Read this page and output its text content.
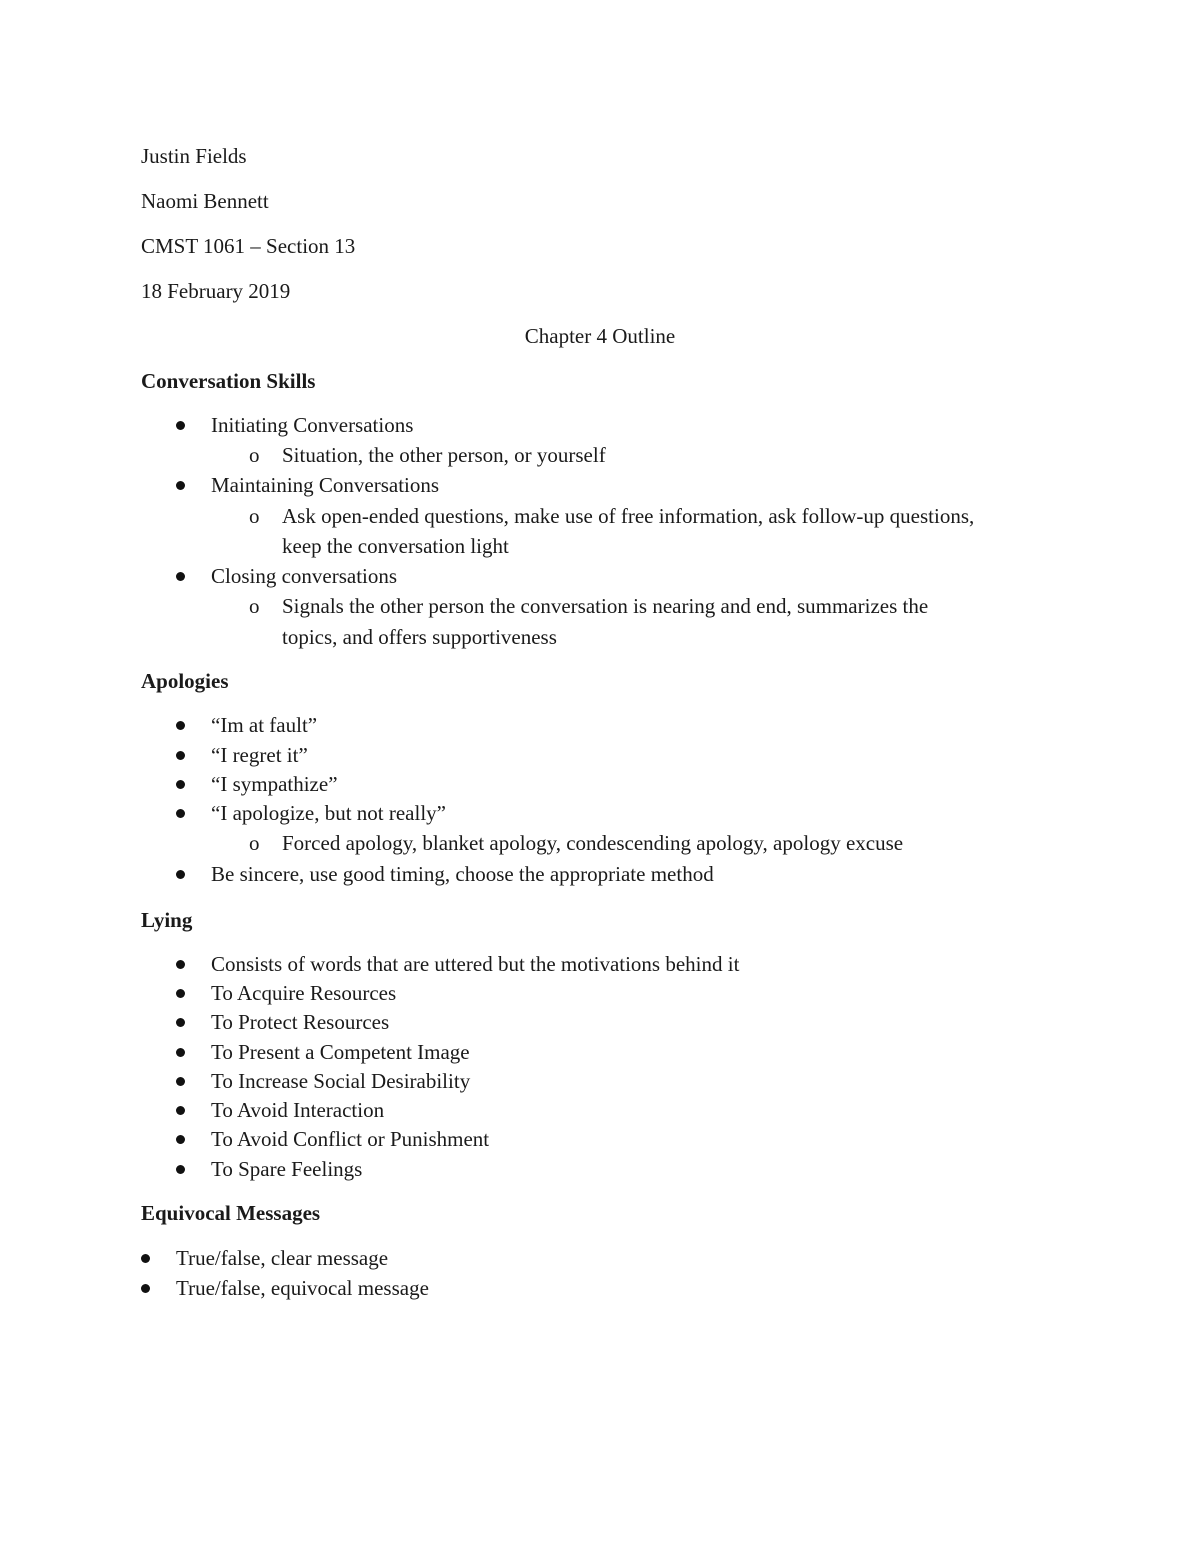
Justin Fields
Naomi Bennett
CMST 1061 – Section 13
18 February 2019
Chapter 4 Outline
Conversation Skills
Initiating Conversations
o Situation, the other person, or yourself
Maintaining Conversations
o Ask open-ended questions, make use of free information, ask follow-up questions,
keep the conversation light
Closing conversations
o Signals the other person the conversation is nearing and end, summarizes the
topics, and offers supportiveness
Apologies
“Im at fault”
“I regret it”
“I sympathize”
“I apologize, but not really”
o Forced apology, blanket apology, condescending apology, apology excuse
Be sincere, use good timing, choose the appropriate method
Lying
Consists of words that are uttered but the motivations behind it
To Acquire Resources
To Protect Resources
To Present a Competent Image
To Increase Social Desirability
To Avoid Interaction
To Avoid Conflict or Punishment
To Spare Feelings
Equivocal Messages
True/false, clear message
True/false, equivocal message
